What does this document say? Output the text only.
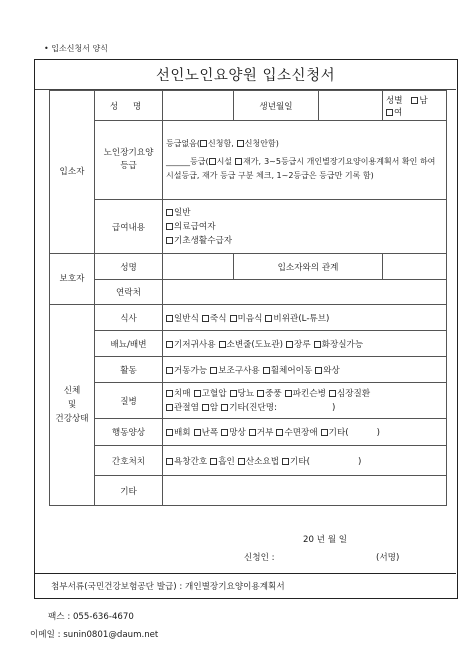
• 입소신청서 양식
선인노인요양원 입소신청서
입소자	성 명		생년월일		성별 남여
	노인장기요양
등급	등급없음( 신청함, 신청안함)
______등급( 시설 재가, 3~5등급시 개인별장기요양이용계획서 확인 하여 시설등급, 재가 등급 구분 체크, 1~2등급은 등급만 기록 함)			

	급여내용	일반
의료급여자
기초생활수급자			

보호자	성명		입소자와의 관계		
	연락처				
신체
및
건강상태	식사	일반식 죽식 미음식 비위관(L-튜브)			
	배뇨/배변	기저귀사용 소변줄(도뇨관) 장루 화장실가능			
	활동	거동가능 보조구사용 휠체어이동 와상			
	질병	치매 고혈압 당뇨 중풍 파킨슨병 심장질환
관절염 암 기타(진단명: )			

	행동양상	배회 난폭 망상 거부 수면장애 기타( )			
	간호처치	욕창간호 흡인 산소요법 기타( )			
	기타				
20 년 월 일
신청인 :	(서명)
첨부서류(국민건강보험공단 발급) : 개인별장기요양이용계획서
팩스 : 055-636-4670
이메일 : sunin0801@daum.net
